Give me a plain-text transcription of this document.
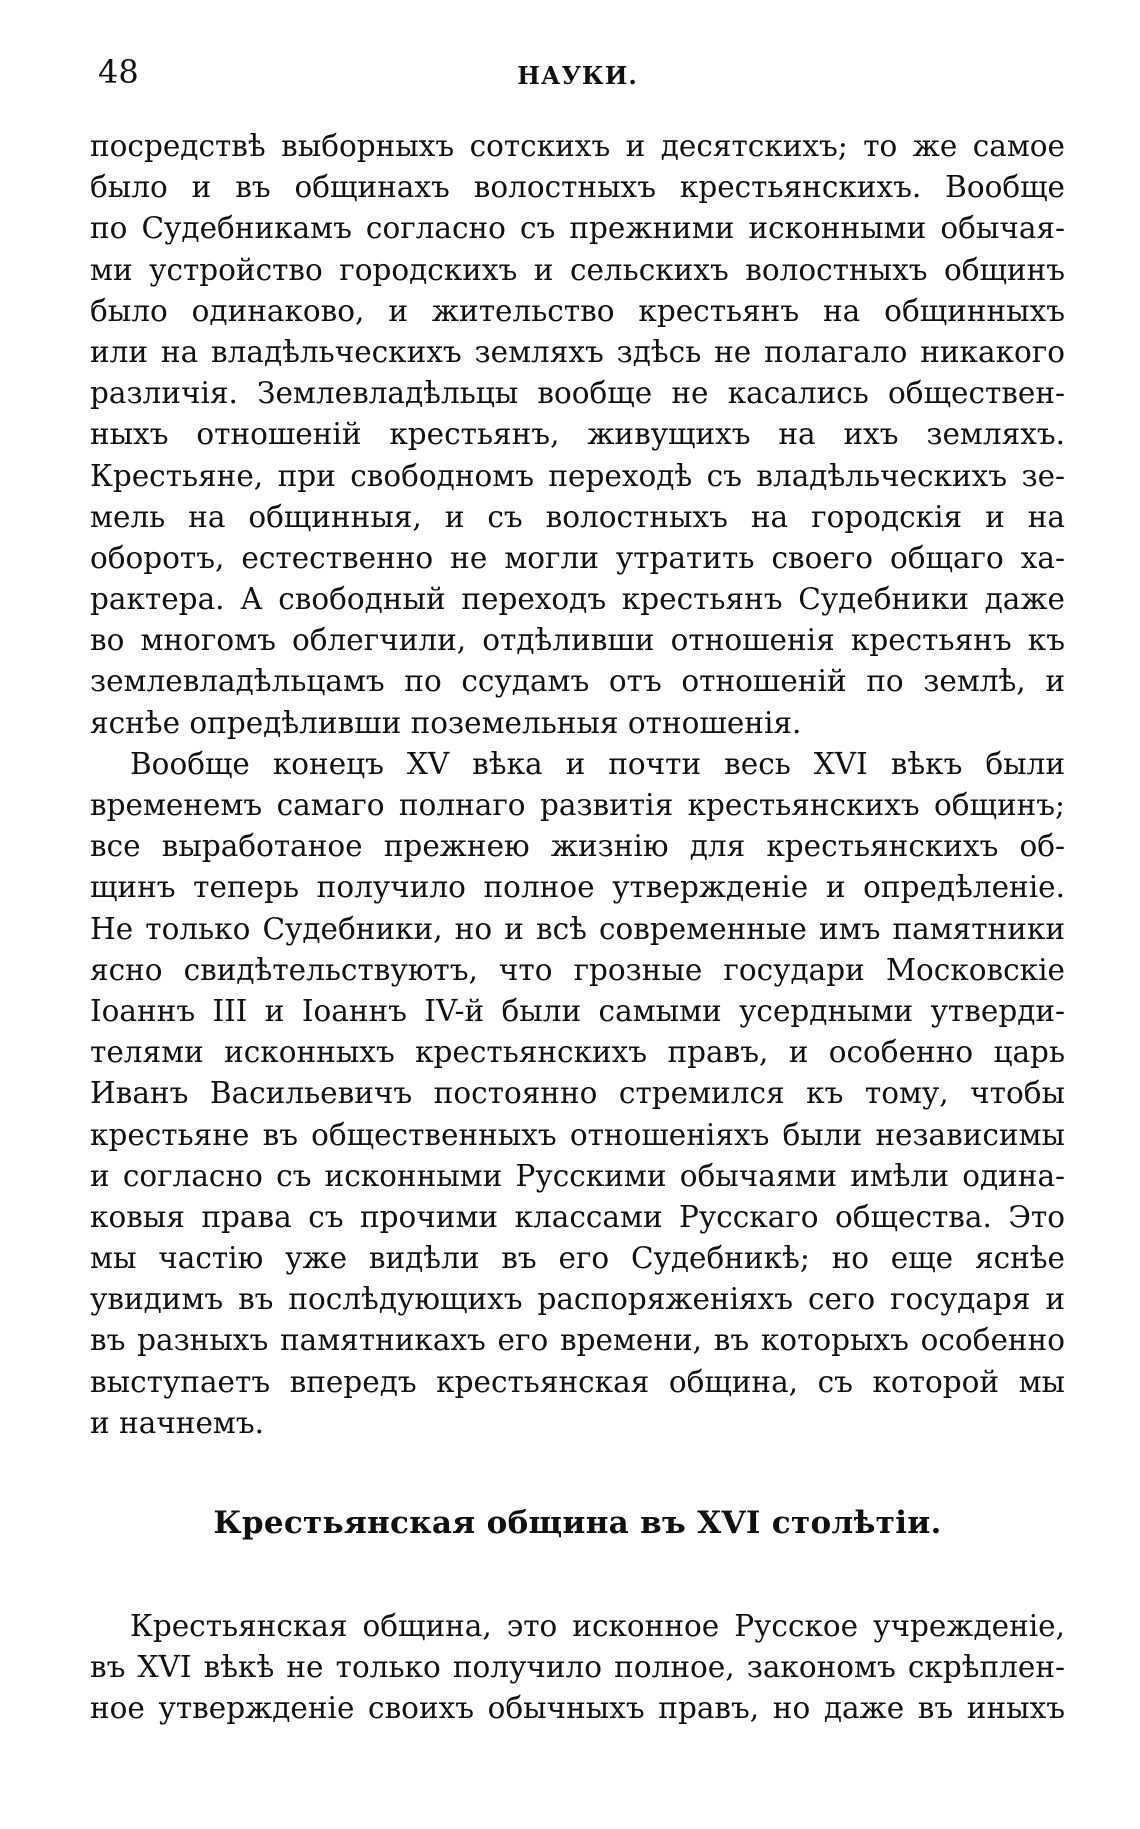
48	НАУКИ.
посредствѣ выборныхъ сотскихъ и десятскихъ; то же самое
было и въ общинахъ волостныхъ крестьянскихъ. Вообще
по Судебникамъ согласно съ прежними исконными обычая-
ми устройство городскихъ и сельскихъ волостныхъ общинъ
было одинаково, и жительство крестьянъ на общинныхъ
или на владѣльческихъ земляхъ здѣсь не полагало никакого
различія. Землевладѣльцы вообще не касались обществен-
ныхъ отношеній крестьянъ, живущихъ на ихъ земляхъ.
Крестьяне, при свободномъ переходѣ съ владѣльческихъ зе-
мель на общинныя, и съ волостныхъ на городскія и на
оборотъ, естественно не могли утратить своего общаго ха-
рактера. А свободный переходъ крестьянъ Судебники даже
во многомъ облегчили, отдѣливши отношенія крестьянъ къ
землевладѣльцамъ по ссудамъ отъ отношеній по землѣ, и
яснѣе опредѣливши поземельныя отношенія.
Вообще конецъ XV вѣка и почти весь XVI вѣкъ были
временемъ самаго полнаго развитія крестьянскихъ общинъ;
все выработаное прежнею жизнію для крестьянскихъ об-
щинъ теперь получило полное утвержденіе и опредѣленіе.
Не только Судебники, но и всѣ современные имъ памятники
ясно свидѣтельствуютъ, что грозные государи Московскіе
Іоаннъ III и Іоаннъ IV-й были самыми усердными утверди-
телями исконныхъ крестьянскихъ правъ, и особенно царь
Иванъ Васильевичъ постоянно стремился къ тому, чтобы
крестьяне въ общественныхъ отношеніяхъ были независимы
и согласно съ исконными Русскими обычаями имѣли одина-
ковыя права съ прочими классами Русскаго общества. Это
мы частію уже видѣли въ его Судебникѣ; но еще яснѣе
увидимъ въ послѣдующихъ распоряженіяхъ сего государя и
въ разныхъ памятникахъ его времени, въ которыхъ особенно
выступаетъ впередъ крестьянская община, съ которой мы
и начнемъ.
Крестьянская община въ XVI столѣтіи.
Крестьянская община, это исконное Русское учрежденіе,
въ XVI вѣкѣ не только получило полное, закономъ скрѣплен-
ное утвержденіе своихъ обычныхъ правъ, но даже въ иныхъ
